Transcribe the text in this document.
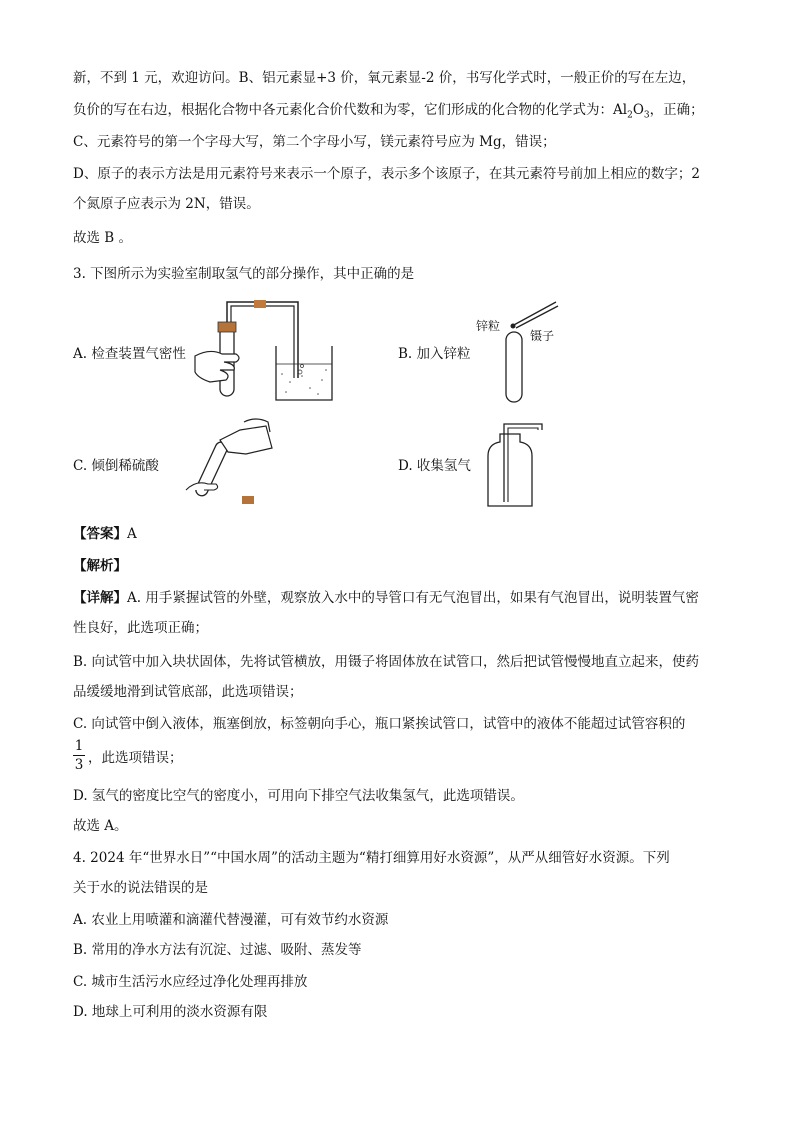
新，不到 1 元，欢迎访问。B、铝元素显+3 价，氧元素显-2 价，书写化学式时，一般正价的写在左边，
负价的写在右边，根据化合物中各元素化合价代数和为零，它们形成的化合物的化学式为：$Al_2O_3$，正确；
C、元素符号的第一个字母大写，第二个字母小写，镁元素符号应为 Mg，错误；
D、原子的表示方法是用元素符号来表示一个原子，表示多个该原子，在其元素符号前加上相应的数字；2
个氮原子应表示为 2N，错误。
故选 B 。
3. 下图所示为实验室制取氢气的部分操作，其中正确的是
A. 检查装置气密性	B. 加入锌粒
锌粒
镊子
C. 倾倒稀硫酸	D. 收集氢气
【答案】A
【解析】
【详解】A. 用手紧握试管的外壁，观察放入水中的导管口有无气泡冒出，如果有气泡冒出，说明装置气密
性良好，此选项正确；
B. 向试管中加入块状固体，先将试管横放，用镊子将固体放在试管口，然后把试管慢慢地直立起来，使药
品缓缓地滑到试管底部，此选项错误；
C. 向试管中倒入液体，瓶塞倒放，标签朝向手心，瓶口紧挨试管口，试管中的液体不能超过试管容积的
1
3 ，此选项错误；
D. 氢气的密度比空气的密度小，可用向下排空气法收集氢气，此选项错误。
故选 A。
4. 2024 年“世界水日”“中国水周”的活动主题为“精打细算用好水资源”，从严从细管好水资源。下列
关于水的说法错误的是
A. 农业上用喷灌和滴灌代替漫灌，可有效节约水资源
B. 常用的净水方法有沉淀、过滤、吸附、蒸发等
C. 城市生活污水应经过净化处理再排放
D. 地球上可利用的淡水资源有限
